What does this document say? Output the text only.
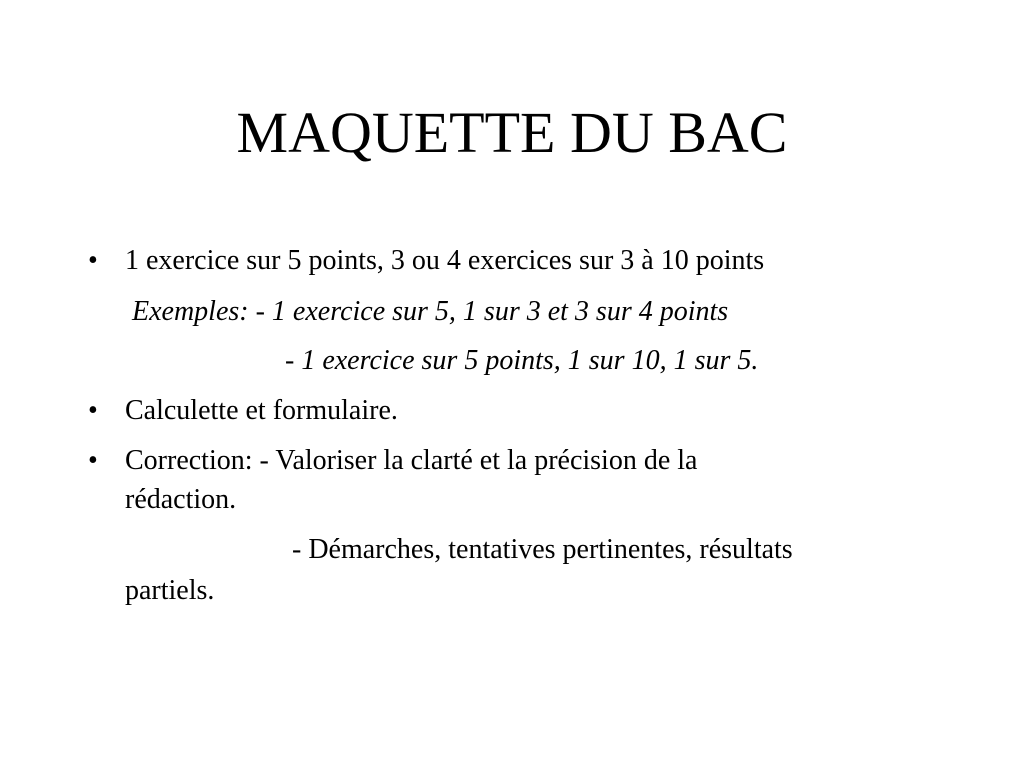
MAQUETTE DU BAC
• 1 exercice sur 5 points, 3 ou 4 exercices sur 3 à 10 points
Exemples: - 1 exercice sur 5, 1 sur 3 et 3 sur 4 points
- 1 exercice sur 5 points, 1 sur 10, 1 sur 5.
• Calculette et formulaire.
• Correction: - Valoriser la clarté et la précision de la
rédaction.
- Démarches, tentatives pertinentes, résultats
partiels.
